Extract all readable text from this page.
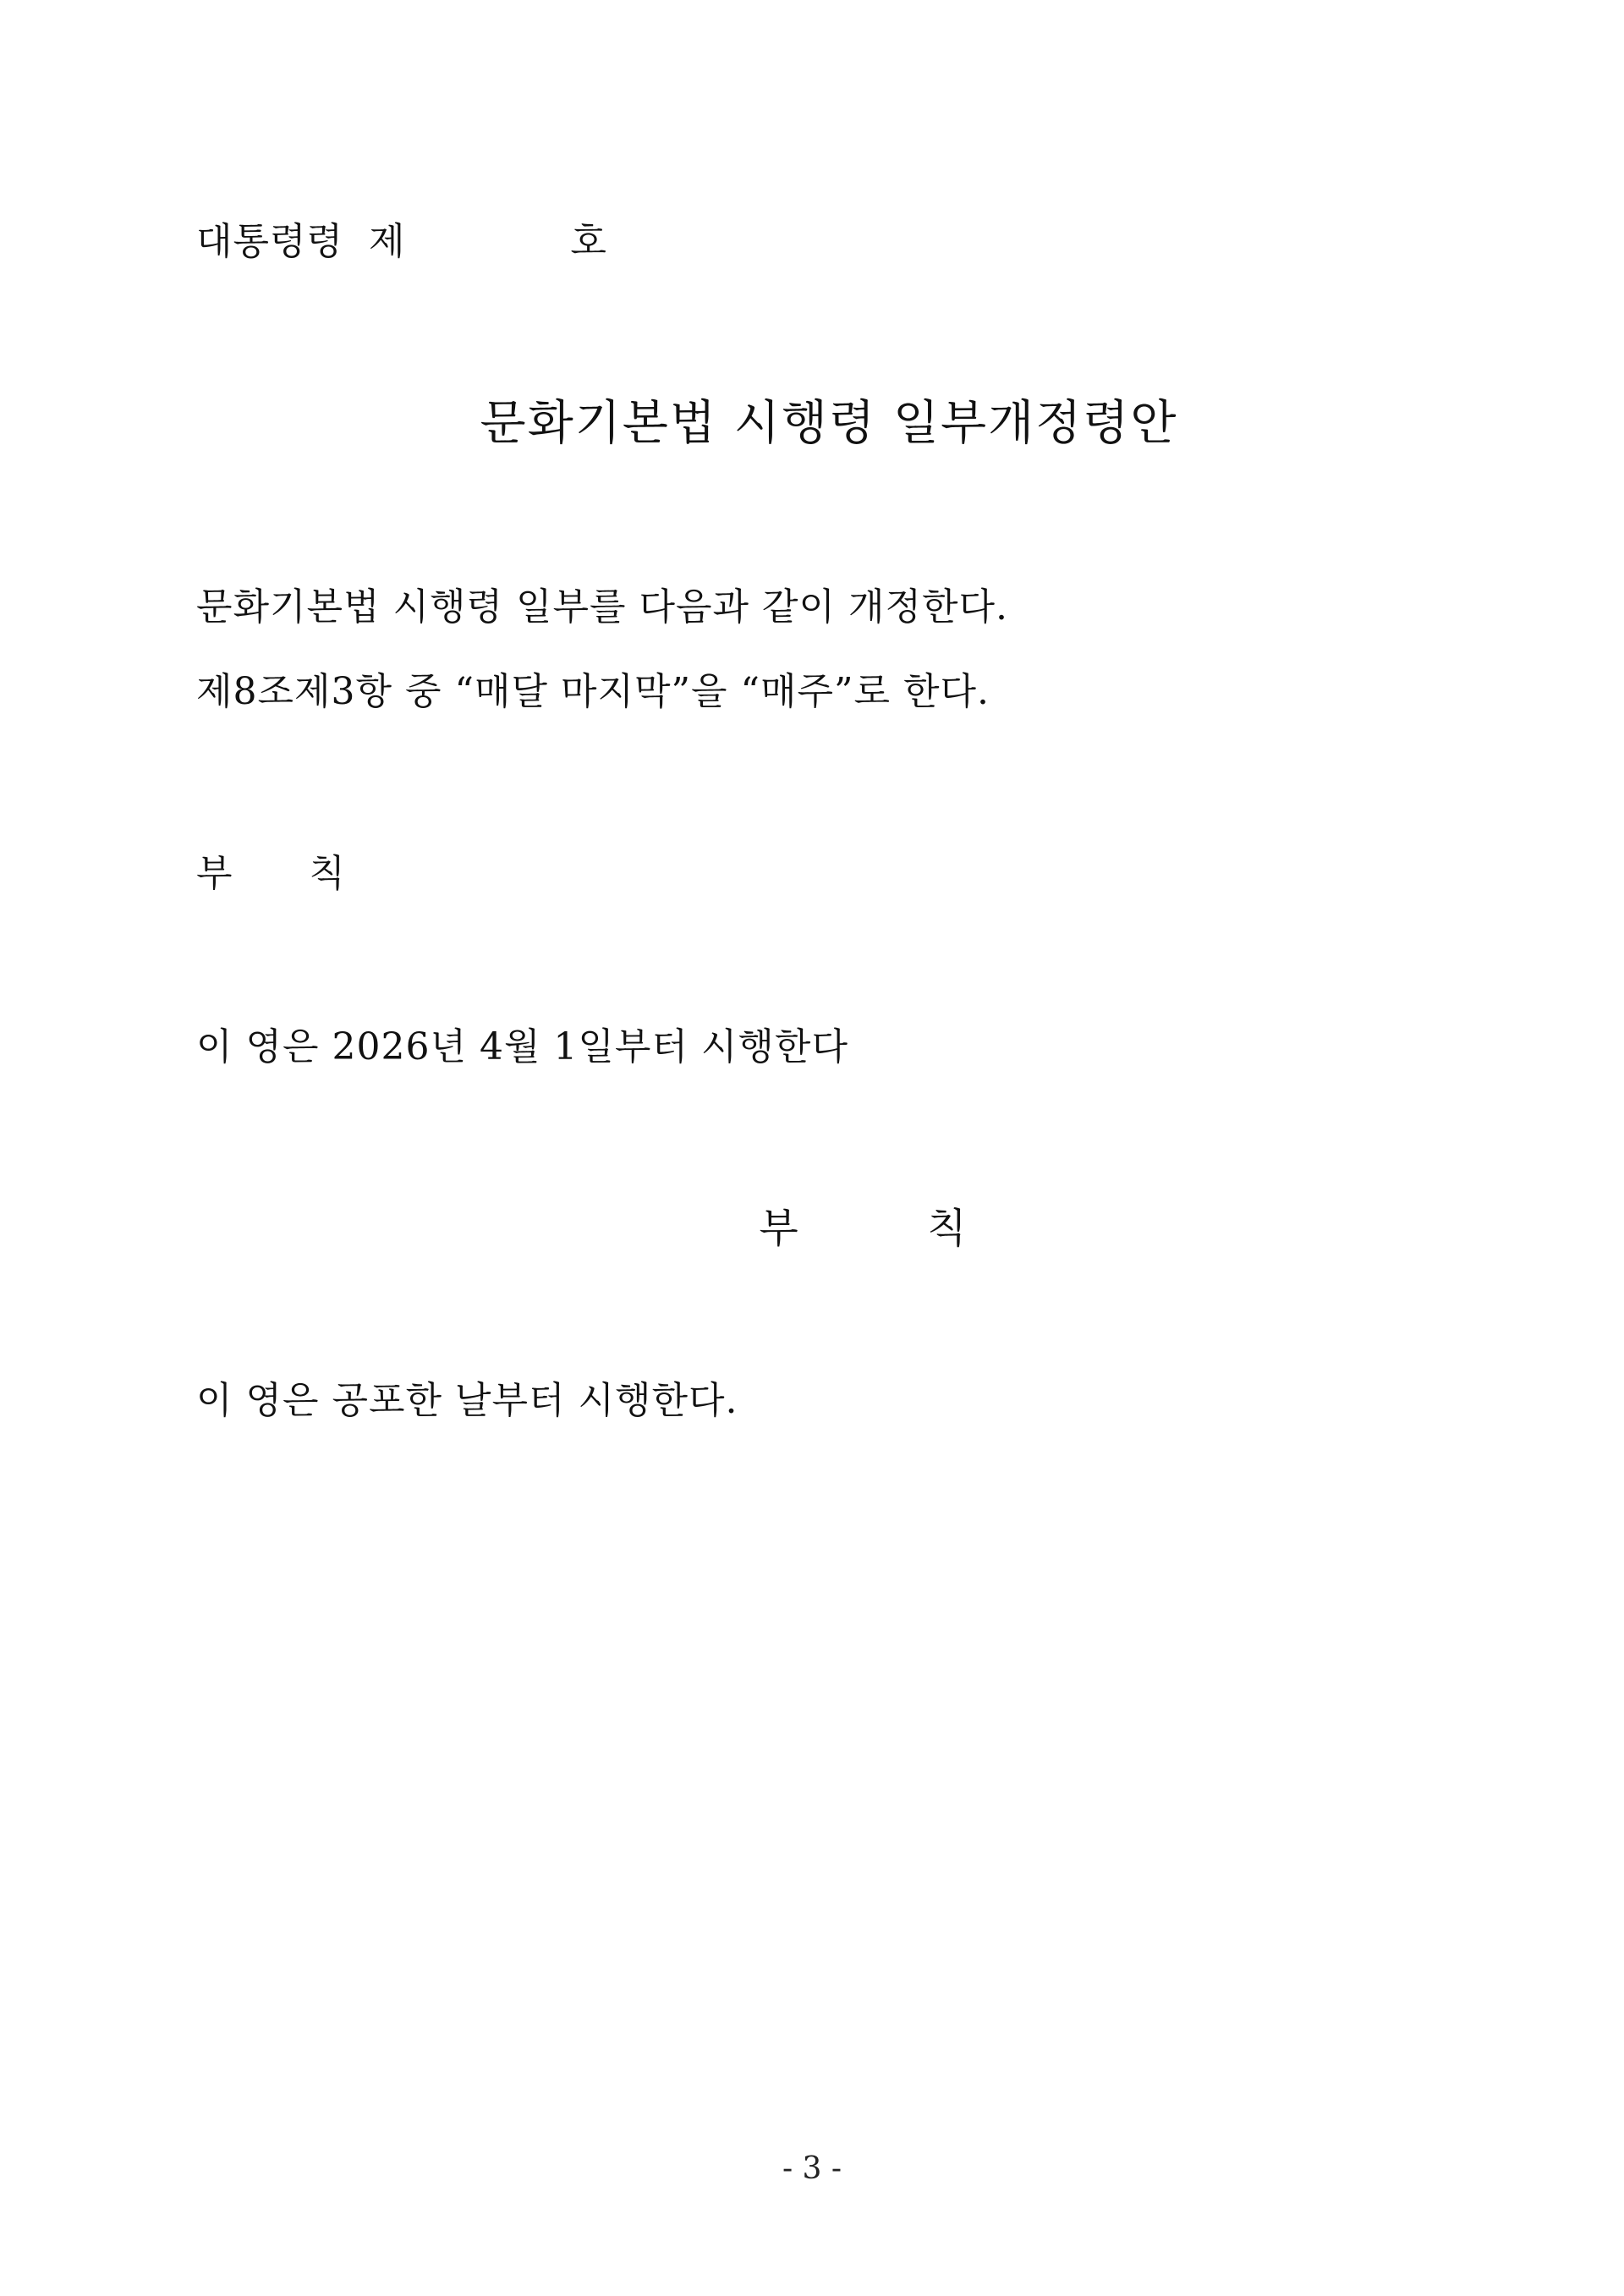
대통령령  제             호
문화기본법 시행령 일부개정령안
문화기본법 시행령 일부를 다음과 같이 개정한다.
제8조제3항 중 “매달 마지막”을 “매주”로 한다.
부      칙
이 영은 2026년 4월 1일부터 시행한다
부          칙
이 영은 공포한 날부터 시행한다.
- 3 -
